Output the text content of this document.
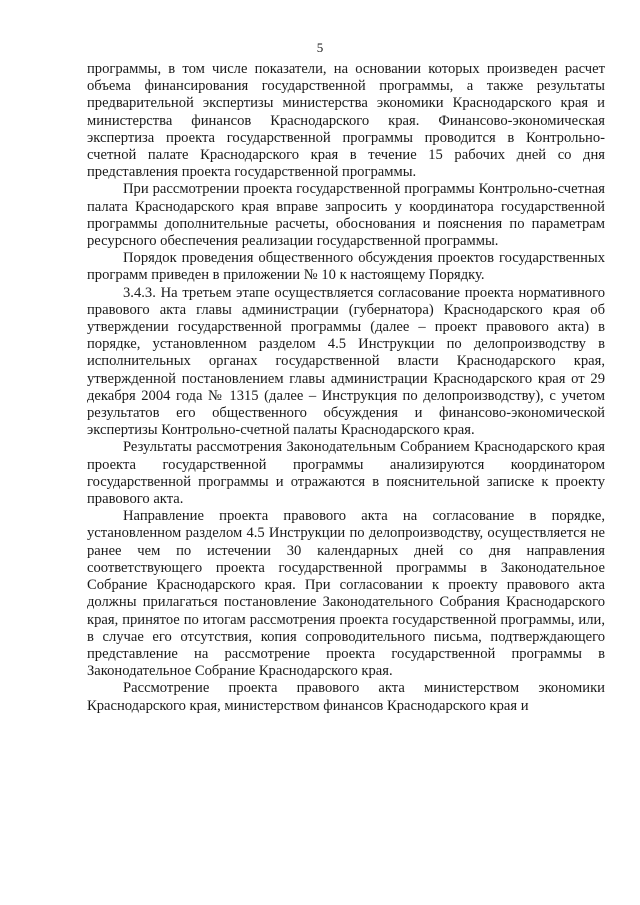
5

программы, в том числе показатели, на основании которых произведен расчет объема финансирования государственной программы, а также результаты предварительной экспертизы министерства экономики Краснодарского края и министерства финансов Краснодарского края. Финансово-экономическая экспертиза проекта государственной программы проводится в Контрольно-счетной палате Краснодарского края в течение 15 рабочих дней со дня представления проекта государственной программы.

При рассмотрении проекта государственной программы Контрольно-счетная палата Краснодарского края вправе запросить у координатора государственной программы дополнительные расчеты, обоснования и пояснения по параметрам ресурсного обеспечения реализации государственной программы.

Порядок проведения общественного обсуждения проектов государственных программ приведен в приложении № 10 к настоящему Порядку.

3.4.3. На третьем этапе осуществляется согласование проекта нормативного правового акта главы администрации (губернатора) Краснодарского края об утверждении государственной программы (далее – проект правового акта) в порядке, установленном разделом 4.5 Инструкции по делопроизводству в исполнительных органах государственной власти Краснодарского края, утвержденной постановлением главы администрации Краснодарского края от 29 декабря 2004 года № 1315 (далее – Инструкция по делопроизводству), с учетом результатов его общественного обсуждения и финансово-экономической экспертизы Контрольно-счетной палаты Краснодарского края.

Результаты рассмотрения Законодательным Собранием Краснодарского края проекта государственной программы анализируются координатором государственной программы и отражаются в пояснительной записке к проекту правового акта.

Направление проекта правового акта на согласование в порядке, установленном разделом 4.5 Инструкции по делопроизводству, осуществляется не ранее чем по истечении 30 календарных дней со дня направления соответствующего проекта государственной программы в Законодательное Собрание Краснодарского края. При согласовании к проекту правового акта должны прилагаться постановление Законодательного Собрания Краснодарского края, принятое по итогам рассмотрения проекта государственной программы, или, в случае его отсутствия, копия сопроводительного письма, подтверждающего представление на рассмотрение проекта государственной программы в Законодательное Собрание Краснодарского края.

Рассмотрение проекта правового акта министерством экономики Краснодарского края, министерством финансов Краснодарского края и
